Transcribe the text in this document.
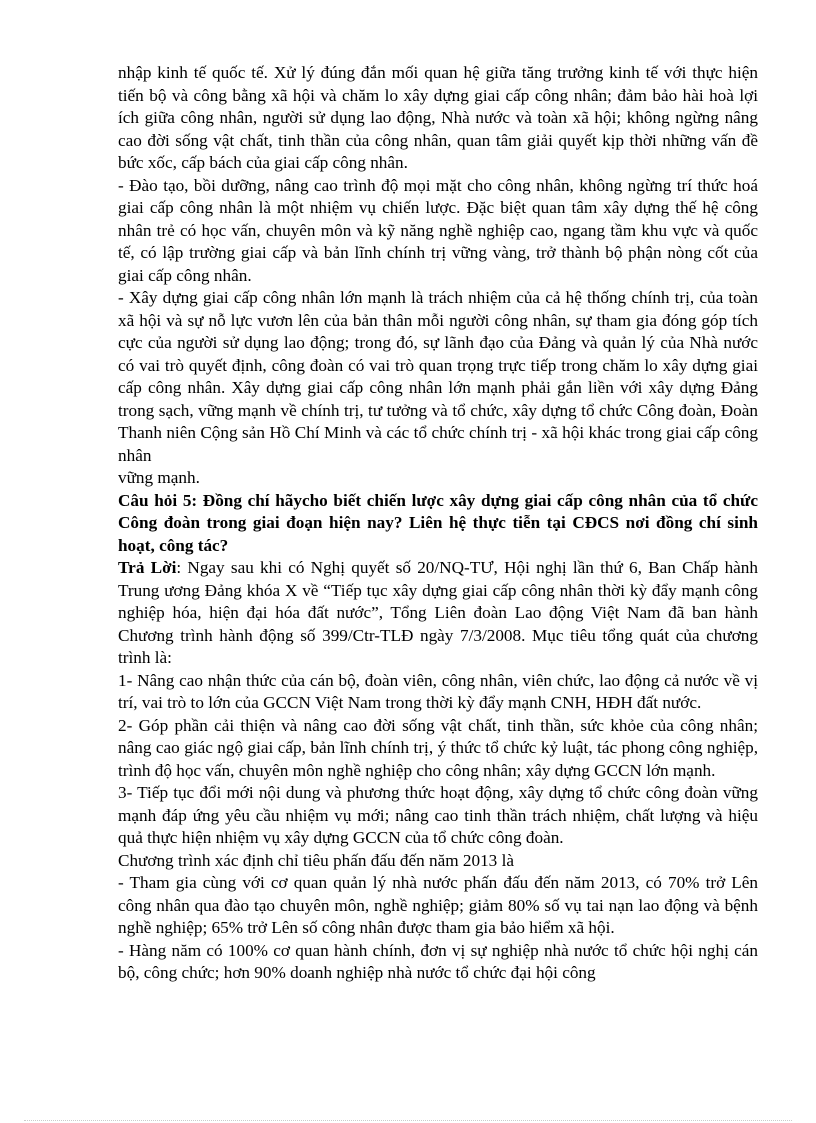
nhập kinh tế quốc tế. Xử lý đúng đắn mối quan hệ giữa tăng trưởng kinh tế với thực hiện tiến bộ và công bằng xã hội và chăm lo xây dựng giai cấp công nhân; đảm bảo hài hoà lợi ích giữa công nhân, người sử dụng lao động, Nhà nước và toàn xã hội; không ngừng nâng cao đời sống vật chất, tinh thần của công nhân, quan tâm giải quyết kịp thời những vấn đề bức xốc, cấp bách của giai cấp công nhân.

- Đào tạo, bồi dưỡng, nâng cao trình độ mọi mặt cho công nhân, không ngừng trí thức hoá giai cấp công nhân là một nhiệm vụ chiến lược. Đặc biệt quan tâm xây dựng thế hệ công nhân trẻ có học vấn, chuyên môn và kỹ năng nghề nghiệp cao, ngang tầm khu vực và quốc tế, có lập trường giai cấp và bản lĩnh chính trị vững vàng, trở thành bộ phận nòng cốt của giai cấp công nhân.

- Xây dựng giai cấp công nhân lớn mạnh là trách nhiệm của cả hệ thống chính trị, của toàn xã hội và sự nỗ lực vươn lên của bản thân mỗi người công nhân, sự tham gia đóng góp tích cực của người sử dụng lao động; trong đó, sự lãnh đạo của Đảng và quản lý của Nhà nước có vai trò quyết định, công đoàn có vai trò quan trọng trực tiếp trong chăm lo xây dựng giai cấp công nhân. Xây dựng giai cấp công nhân lớn mạnh phải gắn liền với xây dựng Đảng trong sạch, vững mạnh về chính trị, tư tưởng và tổ chức, xây dựng tổ chức Công đoàn, Đoàn Thanh niên Cộng sản Hồ Chí Minh và các tổ chức chính trị - xã hội khác trong giai cấp công nhân

vững mạnh.

Câu hỏi 5: Đồng chí hãycho biết chiến lược xây dựng giai cấp công nhân của tổ chức Công đoàn trong giai đoạn hiện nay? Liên hệ thực tiễn tại CĐCS nơi đồng chí sinh hoạt, công tác?

Trả Lời: Ngay sau khi có Nghị quyết số 20/NQ-TƯ, Hội nghị lần thứ 6, Ban Chấp hành Trung ương Đảng khóa X về “Tiếp tục xây dựng giai cấp công nhân thời kỳ đẩy mạnh công nghiệp hóa, hiện đại hóa đất nước”, Tổng Liên đoàn Lao động Việt Nam đã ban hành Chương trình hành động số 399/Ctr-TLĐ ngày 7/3/2008. Mục tiêu tổng quát của chương trình là:

1- Nâng cao nhận thức của cán bộ, đoàn viên, công nhân, viên chức, lao động cả nước về vị trí, vai trò to lớn của GCCN Việt Nam trong thời kỳ đẩy mạnh CNH, HĐH đất nước.

2- Góp phần cải thiện và nâng cao đời sống vật chất, tinh thần, sức khỏe của công nhân; nâng cao giác ngộ giai cấp, bản lĩnh chính trị, ý thức tổ chức kỷ luật, tác phong công nghiệp, trình độ học vấn, chuyên môn nghề nghiệp cho công nhân; xây dựng GCCN lớn mạnh.

3- Tiếp tục đổi mới nội dung và phương thức hoạt động, xây dựng tổ chức công đoàn vững mạnh đáp ứng yêu cầu nhiệm vụ mới; nâng cao tinh thần trách nhiệm, chất lượng và hiệu quả thực hiện nhiệm vụ xây dựng GCCN của tổ chức công đoàn.

Chương trình xác định chỉ tiêu phấn đấu đến năm 2013 là

- Tham gia cùng với cơ quan quản lý nhà nước phấn đấu đến năm 2013, có 70% trở Lên công nhân qua đào tạo chuyên môn, nghề nghiệp; giảm 80% số vụ tai nạn lao động và bệnh nghề nghiệp; 65% trở Lên số công nhân được tham gia bảo hiểm xã hội.

- Hàng năm có 100% cơ quan hành chính, đơn vị sự nghiệp nhà nước tổ chức hội nghị cán bộ, công chức; hơn 90% doanh nghiệp nhà nước tổ chức đại hội công
